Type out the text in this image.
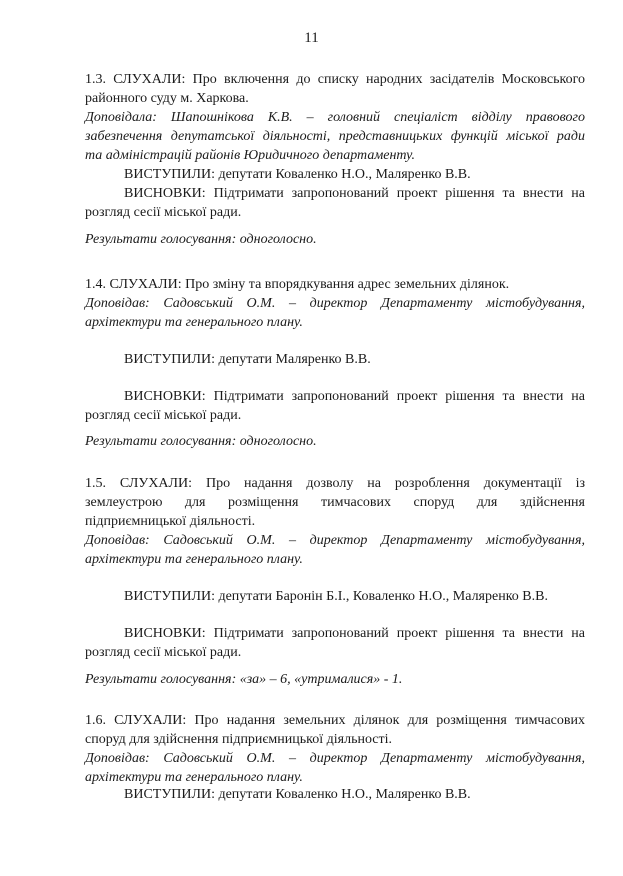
11
1.3. СЛУХАЛИ: Про включення до списку народних засідателів Московського
районного суду м. Харкова.
Доповідала: Шапошнікова К.В. – головний спеціаліст відділу правового
забезпечення депутатської діяльності, представницьких функцій міської ради
та адміністрацій районів Юридичного департаменту.
ВИСТУПИЛИ: депутати Коваленко Н.О., Маляренко В.В.
ВИСНОВКИ: Підтримати запропонований проект рішення та внести на
розгляд сесії міської ради.
Результати голосування: одноголосно.
1.4. СЛУХАЛИ: Про зміну та впорядкування адрес земельних ділянок.
Доповідав: Садовський О.М. – директор Департаменту містобудування,
архітектури та генерального плану.
ВИСТУПИЛИ: депутати Маляренко В.В.
ВИСНОВКИ: Підтримати запропонований проект рішення та внести на
розгляд сесії міської ради.
Результати голосування: одноголосно.
1.5. СЛУХАЛИ: Про надання дозволу на розроблення документації із
землеустрою для розміщення тимчасових споруд для здійснення
підприємницької діяльності.
Доповідав: Садовський О.М. – директор Департаменту містобудування,
архітектури та генерального плану.
ВИСТУПИЛИ: депутати Баронін Б.І., Коваленко Н.О., Маляренко В.В.
ВИСНОВКИ: Підтримати запропонований проект рішення та внести на
розгляд сесії міської ради.
Результати голосування: «за» – 6, «утрималися» - 1.
1.6. СЛУХАЛИ: Про надання земельних ділянок для розміщення тимчасових
споруд для здійснення підприємницької діяльності.
Доповідав: Садовський О.М. – директор Департаменту містобудування,
архітектури та генерального плану.
ВИСТУПИЛИ: депутати Коваленко Н.О., Маляренко В.В.
